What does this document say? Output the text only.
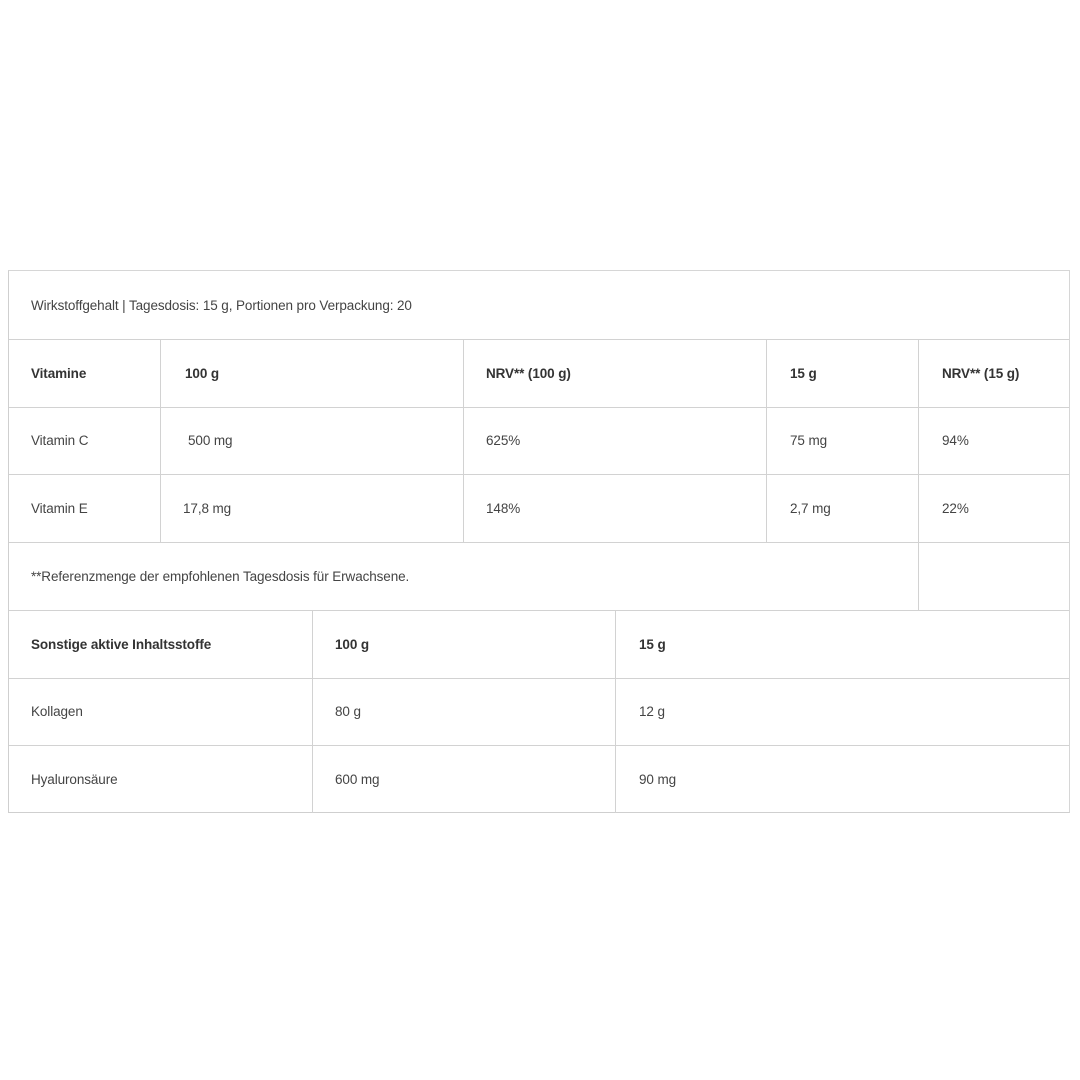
Wirkstoffgehalt | Tagesdosis: 15 g, Portionen pro Verpackung: 20
Vitamine	100 g	NRV** (100 g)	15 g	NRV** (15 g)
Vitamin C	500 mg	625%	75 mg	94%
Vitamin E	17,8 mg	148%	2,7 mg	22%
**Referenzmenge der empfohlenen Tagesdosis für Erwachsene.
Sonstige aktive Inhaltsstoffe	100 g	15 g
Kollagen	80 g	12 g
Hyaluronsäure	600 mg	90 mg
